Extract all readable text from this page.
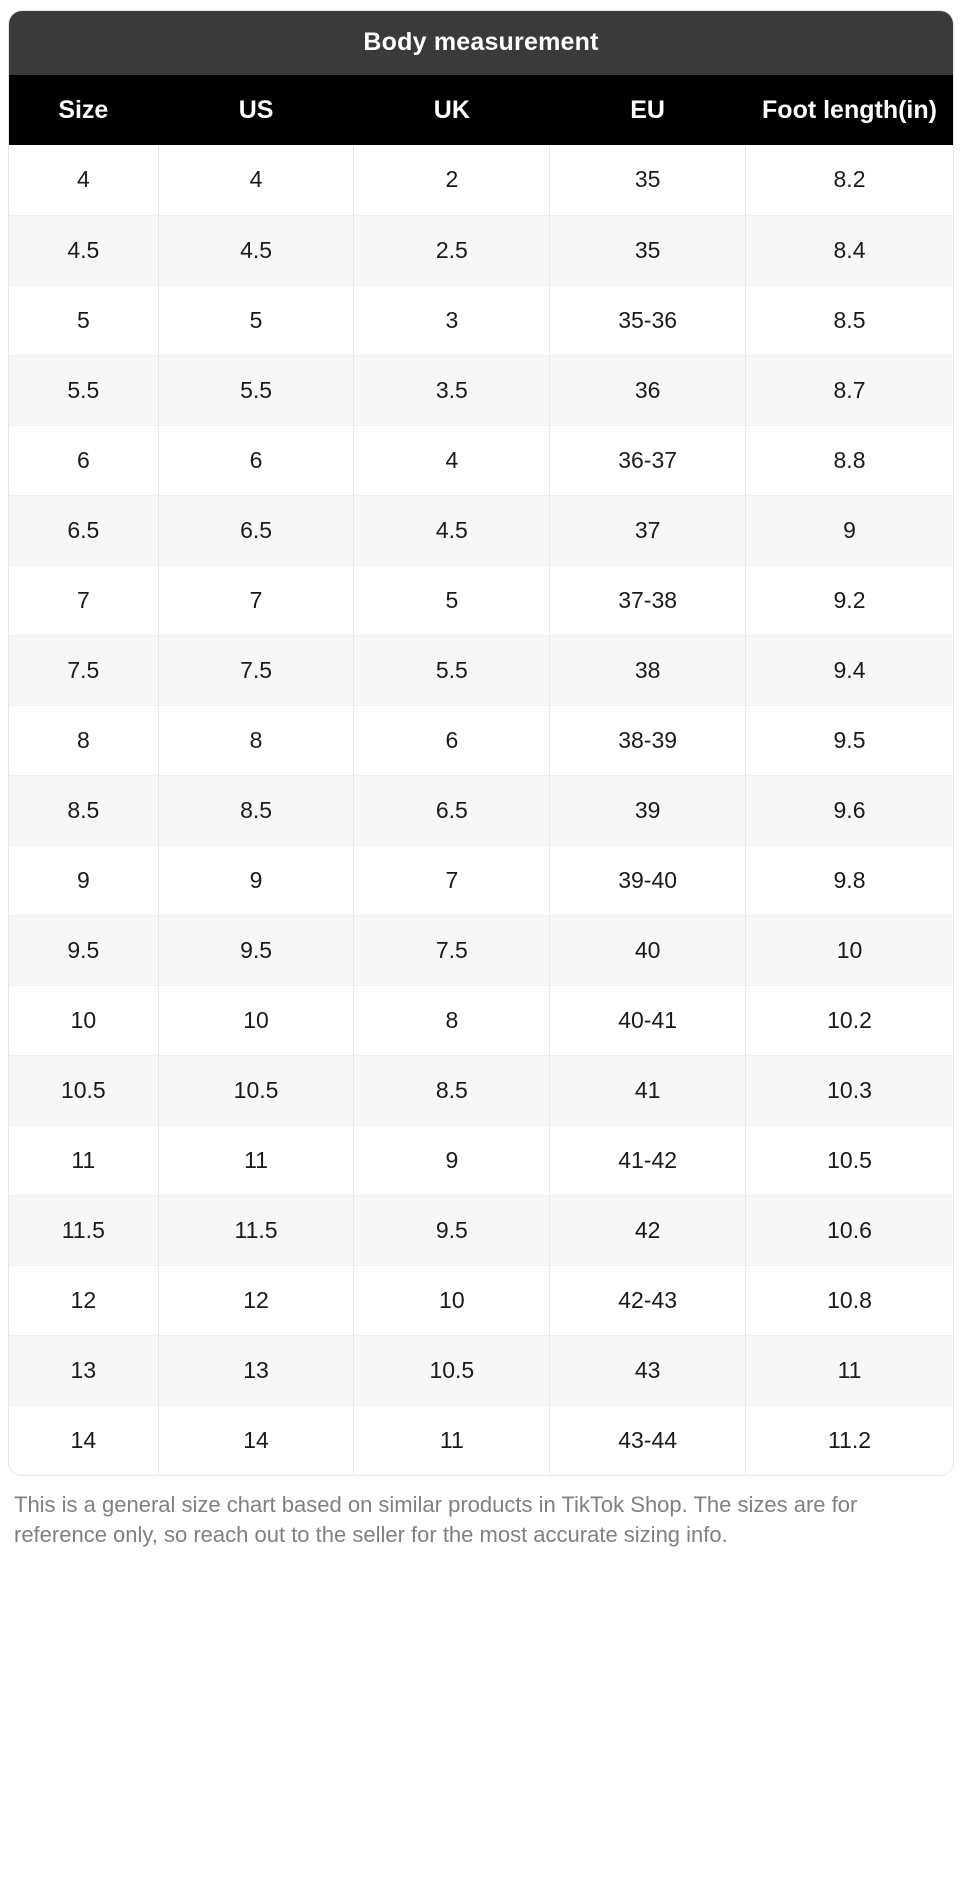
Body measurement
Size	US	UK	EU	Foot length(in)
4	4	2	35	8.2
4.5	4.5	2.5	35	8.4
5	5	3	35-36	8.5
5.5	5.5	3.5	36	8.7
6	6	4	36-37	8.8
6.5	6.5	4.5	37	9
7	7	5	37-38	9.2
7.5	7.5	5.5	38	9.4
8	8	6	38-39	9.5
8.5	8.5	6.5	39	9.6
9	9	7	39-40	9.8
9.5	9.5	7.5	40	10
10	10	8	40-41	10.2
10.5	10.5	8.5	41	10.3
11	11	9	41-42	10.5
11.5	11.5	9.5	42	10.6
12	12	10	42-43	10.8
13	13	10.5	43	11
14	14	11	43-44	11.2
This is a general size chart based on similar products in TikTok Shop. The sizes are for reference only, so reach out to the seller for the most accurate sizing info.
